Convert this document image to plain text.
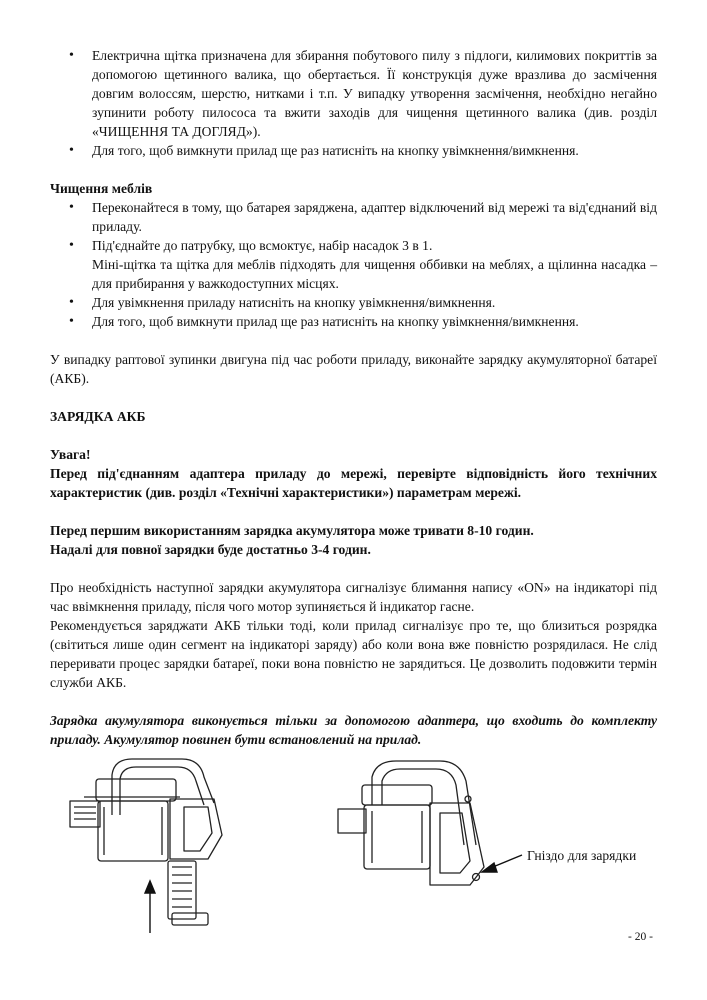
• Електрична щітка призначена для збирання побутового пилу з підлоги, килимових покриттів за допомогою щетинного валика, що обертається. Її конструкція дуже вразлива до засмічення довгим волоссям, шерстю, нитками і т.п. У випадку утворення засмічення, необхідно негайно зупинити роботу пилососа та вжити заходів для чищення щетинного валика (див. розділ «ЧИЩЕННЯ ТА ДОГЛЯД»).
• Для того, щоб вимкнути прилад ще раз натисніть на кнопку увімкнення/вимкнення.

Чищення меблів

• Переконайтеся в тому, що батарея заряджена, адаптер відключений від мережі та від'єднаний від приладу.
• Під'єднайте до патрубку, що всмоктує, набір насадок 3 в 1.
Міні-щітка та щітка для меблів підходять для чищення оббивки на меблях, а щілинна насадка – для прибирання у важкодоступних місцях.
• Для увімкнення приладу натисніть на кнопку увімкнення/вимкнення.
• Для того, щоб вимкнути прилад ще раз натисніть на кнопку увімкнення/вимкнення.

У випадку раптової зупинки двигуна під час роботи приладу, виконайте зарядку акумуляторної батареї (АКБ).

ЗАРЯДКА АКБ

Увага!

Перед під'єднанням адаптера приладу до мережі, перевірте відповідність його технічних характеристик (див. розділ «Технічні характеристики») параметрам мережі.

Перед першим використанням зарядка акумулятора може тривати 8-10 годин.

Надалі для повної зарядки буде достатньо 3-4 годин.

Про необхідність наступної зарядки акумулятора сигналізує блимання напису «ON» на індикаторі під час ввімкнення приладу, після чого мотор зупиняється й індикатор гасне.

Рекомендується заряджати АКБ тільки тоді, коли прилад сигналізує про те, що близиться розрядка (світиться лише один сегмент на індикаторі заряду) або коли вона вже повністю розрядилася. Не слід переривати процес зарядки батареї, поки вона повністю не зарядиться. Це дозволить подовжити термін служби АКБ.

Зарядка акумулятора виконується тільки за допомогою адаптера, що входить до комплекту приладу. Акумулятор повинен бути встановлений на прилад.

Гніздо для зарядки
- 20 -
